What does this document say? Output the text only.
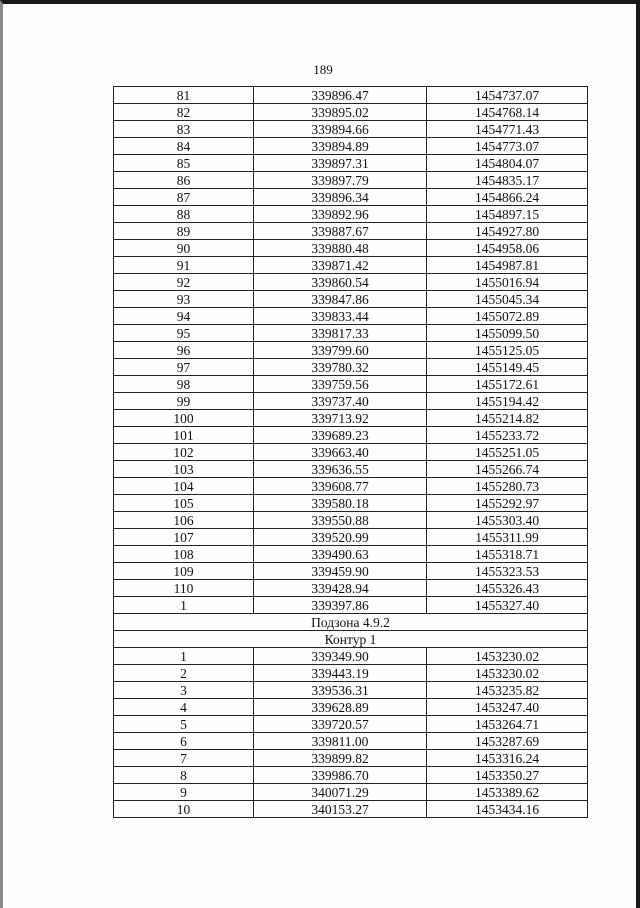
189
81	339896.47	1454737.07
82	339895.02	1454768.14
83	339894.66	1454771.43
84	339894.89	1454773.07
85	339897.31	1454804.07
86	339897.79	1454835.17
87	339896.34	1454866.24
88	339892.96	1454897.15
89	339887.67	1454927.80
90	339880.48	1454958.06
91	339871.42	1454987.81
92	339860.54	1455016.94
93	339847.86	1455045.34
94	339833.44	1455072.89
95	339817.33	1455099.50
96	339799.60	1455125.05
97	339780.32	1455149.45
98	339759.56	1455172.61
99	339737.40	1455194.42
100	339713.92	1455214.82
101	339689.23	1455233.72
102	339663.40	1455251.05
103	339636.55	1455266.74
104	339608.77	1455280.73
105	339580.18	1455292.97
106	339550.88	1455303.40
107	339520.99	1455311.99
108	339490.63	1455318.71
109	339459.90	1455323.53
110	339428.94	1455326.43
1	339397.86	1455327.40
Подзона 4.9.2		
Контур 1		
1	339349.90	1453230.02
2	339443.19	1453230.02
3	339536.31	1453235.82
4	339628.89	1453247.40
5	339720.57	1453264.71
6	339811.00	1453287.69
7	339899.82	1453316.24
8	339986.70	1453350.27
9	340071.29	1453389.62
10	340153.27	1453434.16
